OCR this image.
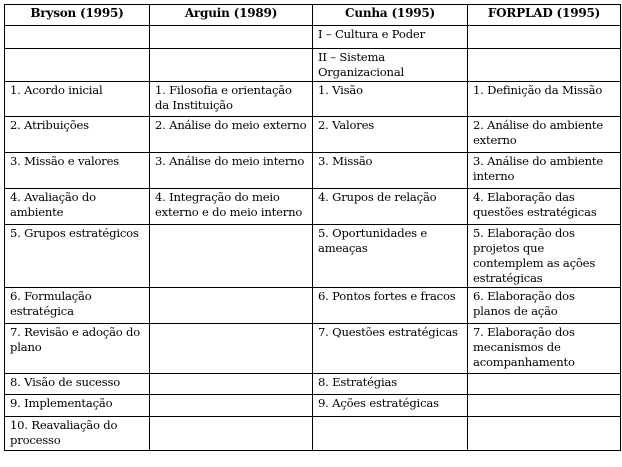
Bryson (1995)	Arguin (1989)	Cunha (1995)	FORPLAD (1995)
		I – Cultura e Poder	
		II – Sistema Organizacional	
1. Acordo inicial	1. Filosofia e orientação da Instituição	1. Visão	1. Definição da Missão
2. Atribuições	2. Análise do meio externo	2. Valores	2. Análise do ambiente externo
3. Missão e valores	3. Análise do meio interno	3. Missão	3. Análise do ambiente interno
4. Avaliação do ambiente	4. Integração do meio externo e do meio interno	4. Grupos de relação	4. Elaboração das questões estratégicas
5. Grupos estratégicos		5. Oportunidades e ameaças	5. Elaboração dos projetos que contemplem as ações estratégicas
6. Formulação estratégica		6. Pontos fortes e fracos	6. Elaboração dos planos de ação
7. Revisão e adoção do plano		7. Questões estratégicas	7. Elaboração dos mecanismos de acompanhamento
8. Visão de sucesso		8. Estratégias	
9. Implementação		9. Ações estratégicas	
10. Reavaliação do processo			
